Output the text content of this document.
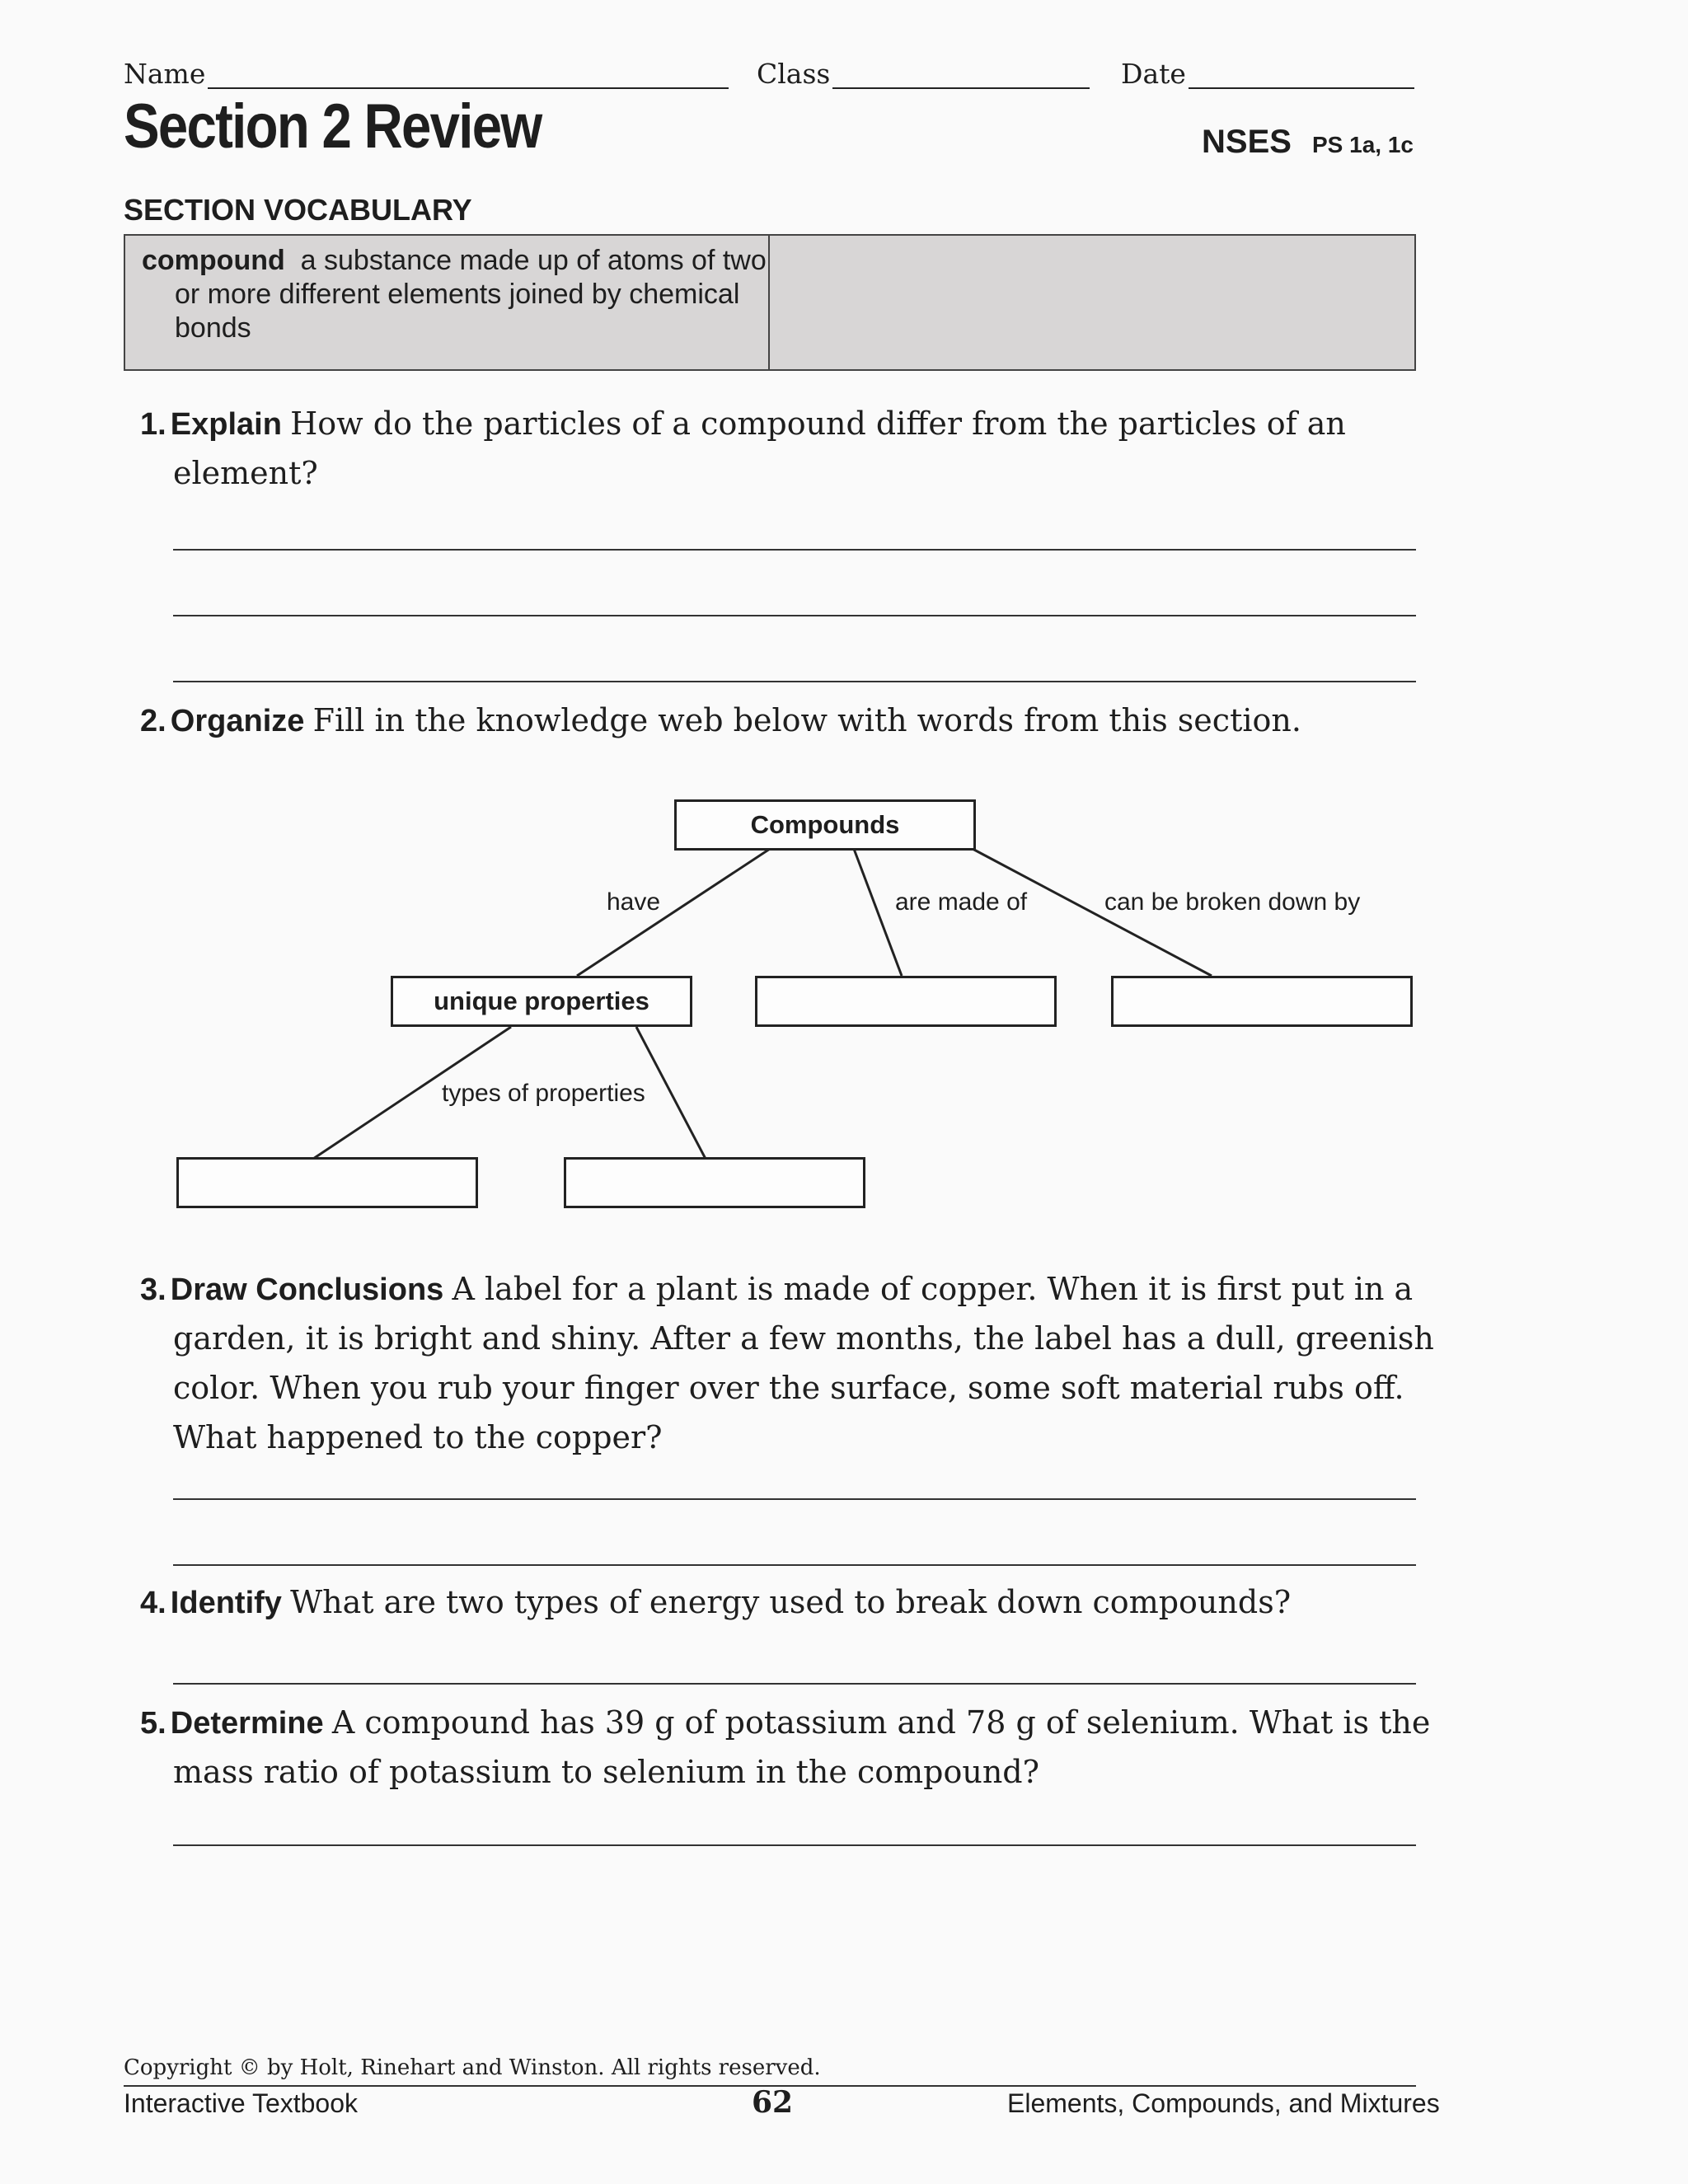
Name	Class	Date
Section 2 Review	NSES PS 1a, 1c
SECTION VOCABULARY
compound a substance made up of atoms of two or more different elements joined by chemical bonds
1. Explain How do the particles of a compound differ from the particles of an element?
2. Organize Fill in the knowledge web below with words from this section.
Compounds
have	are made of	can be broken down by
unique properties
types of properties
3. Draw Conclusions A label for a plant is made of copper. When it is first put in a garden, it is bright and shiny. After a few months, the label has a dull, greenish color. When you rub your finger over the surface, some soft material rubs off. What happened to the copper?
4. Identify What are two types of energy used to break down compounds?
5. Determine A compound has 39 g of potassium and 78 g of selenium. What is the mass ratio of potassium to selenium in the compound?
Copyright © by Holt, Rinehart and Winston. All rights reserved.
Interactive Textbook	62	Elements, Compounds, and Mixtures
